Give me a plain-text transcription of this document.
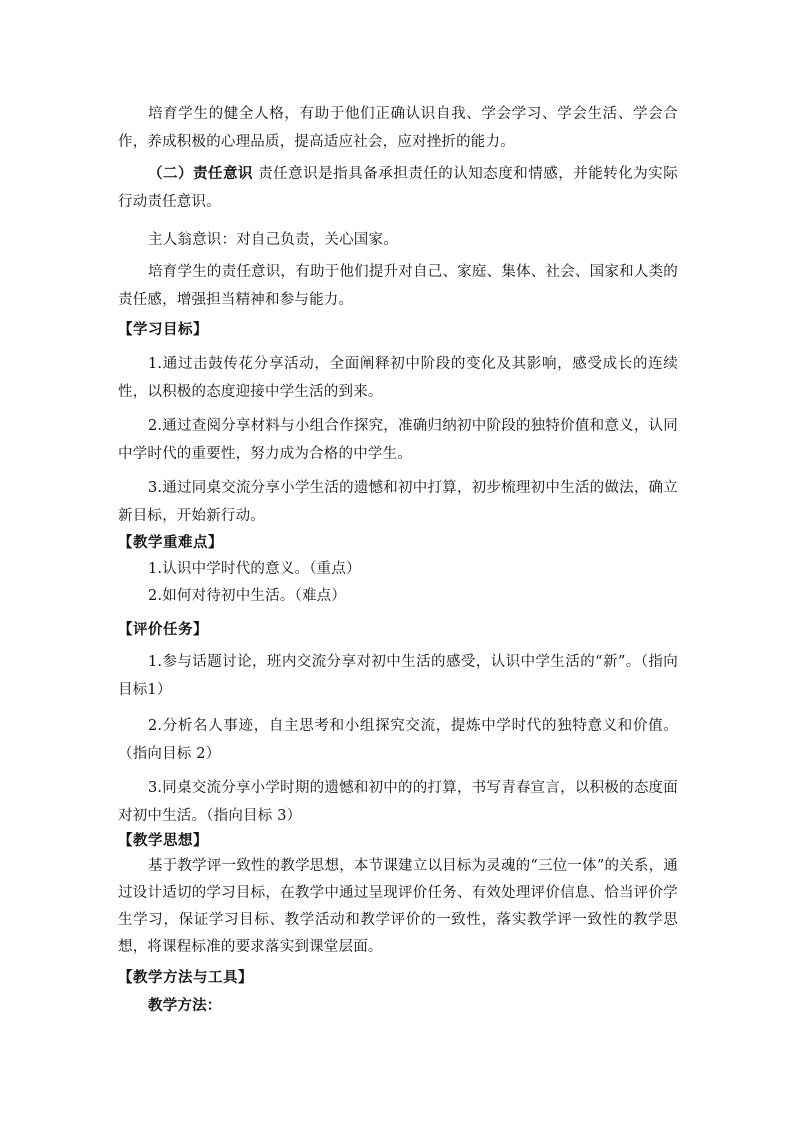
培育学生的健全人格，有助于他们正确认识自我、学会学习、学会生活、学会合作，养成积极的心理品质，提高适应社会，应对挫折的能力。

（二）责任意识 责任意识是指具备承担责任的认知态度和情感，并能转化为实际行动责任意识。

主人翁意识：对自己负责，关心国家。

培育学生的责任意识，有助于他们提升对自己、家庭、集体、社会、国家和人类的责任感，增强担当精神和参与能力。

【学习目标】

1.通过击鼓传花分享活动，全面阐释初中阶段的变化及其影响，感受成长的连续性，以积极的态度迎接中学生活的到来。

2.通过查阅分享材料与小组合作探究，准确归纳初中阶段的独特价值和意义，认同中学时代的重要性，努力成为合格的中学生。

3.通过同桌交流分享小学生活的遗憾和初中打算，初步梳理初中生活的做法，确立新目标，开始新行动。

【教学重难点】

1.认识中学时代的意义。（重点）

2.如何对待初中生活。（难点）

【评价任务】

1.参与话题讨论，班内交流分享对初中生活的感受，认识中学生活的“新”。（指向目标1）

2.分析名人事迹，自主思考和小组探究交流，提炼中学时代的独特意义和价值。（指向目标 2）

3.同桌交流分享小学时期的遗憾和初中的的打算，书写青春宣言，以积极的态度面对初中生活。（指向目标 3）

【教学思想】

基于教学评一致性的教学思想，本节课建立以目标为灵魂的“三位一体”的关系，通过设计适切的学习目标，在教学中通过呈现评价任务、有效处理评价信息、恰当评价学生学习，保证学习目标、教学活动和教学评价的一致性，落实教学评一致性的教学思想，将课程标准的要求落实到课堂层面。

【教学方法与工具】

教学方法：
